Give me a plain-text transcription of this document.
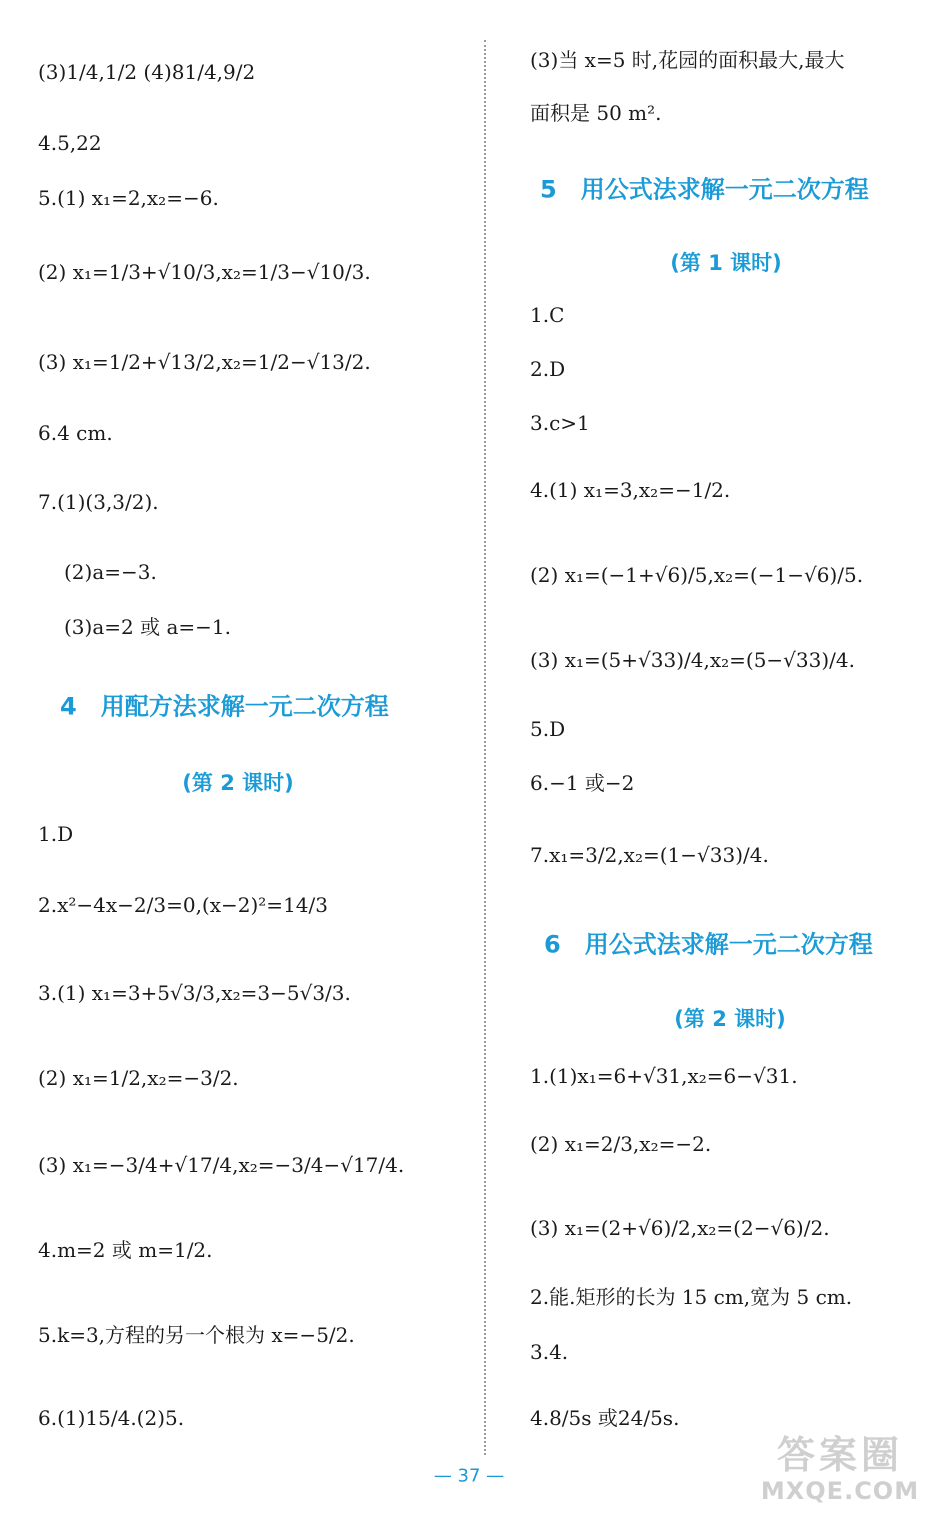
4　用配方法求解一元二次方程
(第 2 课时)
(3)1/4,1/2 (4)81/4,9/2
4.5,22
5.(1) x₁=2,x₂=−6.
(2) x₁=1/3+√10/3,x₂=1/3−√10/3.
(3) x₁=1/2+√13/2,x₂=1/2−√13/2.
6.4 cm.
7.(1)(3,3/2).
(2)a=−3.
(3)a=2 或 a=−1.
1.D
2.x²−4x−2/3=0,(x−2)²=14/3
3.(1) x₁=3+5√3/3,x₂=3−5√3/3.
(2) x₁=1/2,x₂=−3/2.
(3) x₁=−3/4+√17/4,x₂=−3/4−√17/4.
4.m=2 或 m=1/2.
5.k=3,方程的另一个根为 x=−5/2.
6.(1)15/4.(2)5.
5　用公式法求解一元二次方程
(第 1 课时)
6　用公式法求解一元二次方程
(第 2 课时)
(3)当 x=5 时,花园的面积最大,最大
面积是 50 m².
1.C
2.D
3.c>1
4.(1) x₁=3,x₂=−1/2.
(2) x₁=(−1+√6)/5,x₂=(−1−√6)/5.
(3) x₁=(5+√33)/4,x₂=(5−√33)/4.
5.D
6.−1 或−2
7.x₁=3/2,x₂=(1−√33)/4.
1.(1)x₁=6+√31,x₂=6−√31.
(2) x₁=2/3,x₂=−2.
(3) x₁=(2+√6)/2,x₂=(2−√6)/2.
2.能.矩形的长为 15 cm,宽为 5 cm.
3.4.
4.8/5s 或24/5s.
— 37 —	答案圈
MXQE.COM
